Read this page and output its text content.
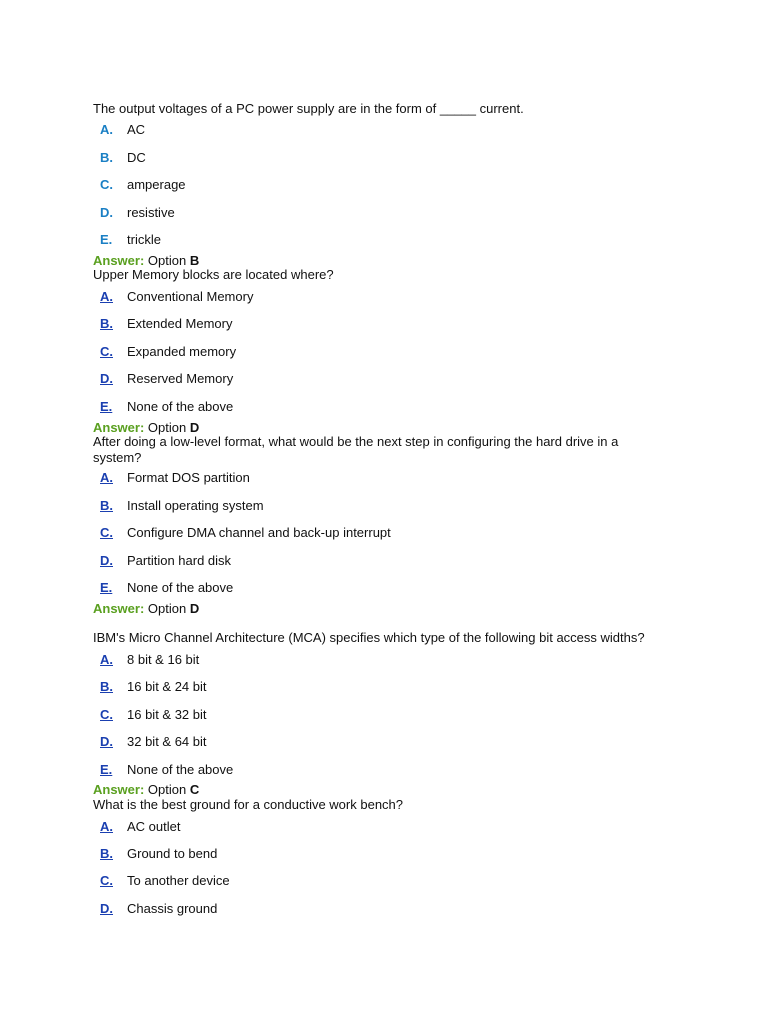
The output voltages of a PC power supply are in the form of _____ current.
A. AC
B. DC
C. amperage
D. resistive
E. trickle
Answer: Option B
Upper Memory blocks are located where?
A. Conventional Memory
B. Extended Memory
C. Expanded memory
D. Reserved Memory
E. None of the above
Answer: Option D
After doing a low-level format, what would be the next step in configuring the hard drive in a system?
A. Format DOS partition
B. Install operating system
C. Configure DMA channel and back-up interrupt
D. Partition hard disk
E. None of the above
Answer: Option D
IBM's Micro Channel Architecture (MCA) specifies which type of the following bit access widths?
A. 8 bit & 16 bit
B. 16 bit & 24 bit
C. 16 bit & 32 bit
D. 32 bit & 64 bit
E. None of the above
Answer: Option C
What is the best ground for a conductive work bench?
A. AC outlet
B. Ground to bend
C. To another device
D. Chassis ground
